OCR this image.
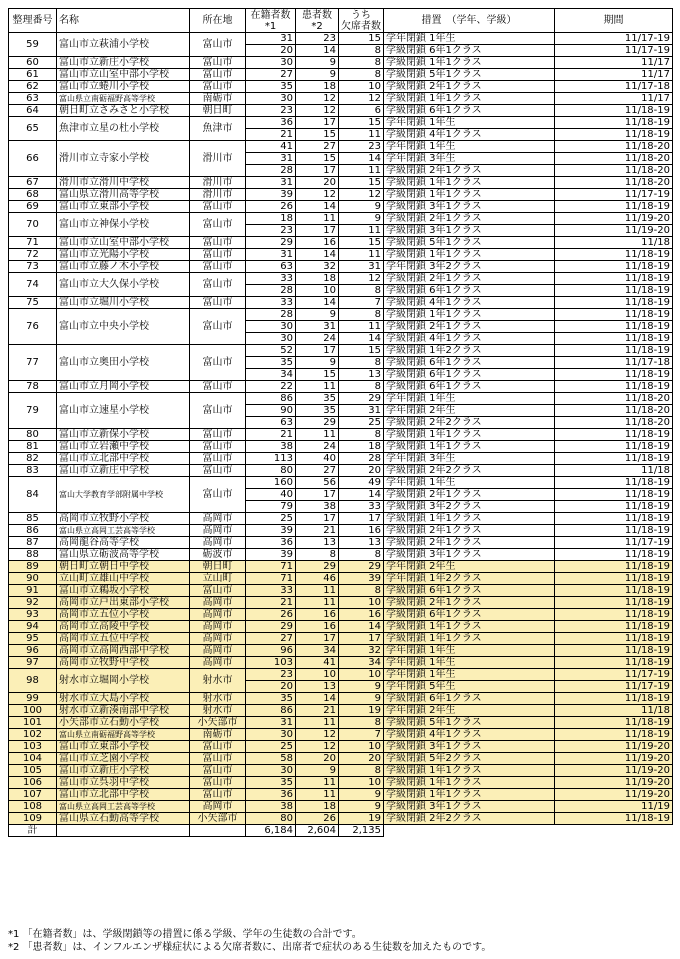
整理番号	名称	所在地	在籍者数
*1	患者数
*2	うち
欠席者数	措置　（学年、学級）	期間
59	富山市立萩浦小学校	富山市	31	23	15	学年閉鎖 1年生	11/17-19
			20	14	8	学級閉鎖 6年1クラス	11/17-19
60	富山市立新庄小学校	富山市	30	9	8	学級閉鎖 1年1クラス	11/17
61	富山市立山室中部小学校	富山市	27	9	8	学級閉鎖 5年1クラス	11/17
62	富山市立蜷川小学校	富山市	35	18	10	学級閉鎖 2年1クラス	11/17-18
63	富山県立南砺福野高等学校	南砺市	30	12	12	学級閉鎖 1年1クラス	11/17
64	朝日町立さみさと小学校	朝日町	23	12	6	学級閉鎖 6年1クラス	11/18-19
65	魚津市立星の杜小学校	魚津市	36	17	15	学年閉鎖 1年生	11/18-19
			21	15	11	学級閉鎖 4年1クラス	11/18-19
66	滑川市立寺家小学校	滑川市	41	27	23	学年閉鎖 1年生	11/18-20
			31	15	14	学年閉鎖 3年生	11/18-20
			28	17	11	学級閉鎖 2年1クラス	11/18-20
67	滑川市立滑川中学校	滑川市	31	20	15	学級閉鎖 1年1クラス	11/18-20
68	富山県立滑川高等学校	滑川市	39	12	12	学級閉鎖 1年1クラス	11/17-19
69	富山市立東部小学校	富山市	26	14	9	学級閉鎖 3年1クラス	11/18-19
70	富山市立神保小学校	富山市	18	11	9	学級閉鎖 2年1クラス	11/19-20
			23	17	11	学級閉鎖 3年1クラス	11/19-20
71	富山市立山室中部小学校	富山市	29	16	15	学級閉鎖 5年1クラス	11/18
72	富山市立光陽小学校	富山市	31	14	11	学級閉鎖 1年1クラス	11/18-19
73	富山市立藤ノ木小学校	富山市	63	32	31	学年閉鎖 3年2クラス	11/18-19
74	富山市立大久保小学校	富山市	33	18	12	学級閉鎖 2年1クラス	11/18-19
			28	10	8	学級閉鎖 6年1クラス	11/18-19
75	富山市立堀川小学校	富山市	33	14	7	学級閉鎖 4年1クラス	11/18-19
76	富山市立中央小学校	富山市	28	9	8	学級閉鎖 1年1クラス	11/18-19
			30	31	11	学級閉鎖 2年1クラス	11/18-19
			30	24	14	学級閉鎖 4年1クラス	11/18-19
77	富山市立奥田小学校	富山市	52	17	15	学級閉鎖 1年2クラス	11/18-19
			35	9	8	学級閉鎖 6年1クラス	11/17-18
			34	15	13	学級閉鎖 6年1クラス	11/18-19
78	富山市立月岡小学校	富山市	22	11	8	学級閉鎖 6年1クラス	11/18-19
79	富山市立速星小学校	富山市	86	35	29	学年閉鎖 1年生	11/18-20
			90	35	31	学年閉鎖 2年生	11/18-20
			63	29	25	学級閉鎖 2年2クラス	11/18-20
80	富山市立新保小学校	富山市	21	11	8	学級閉鎖 1年1クラス	11/18-19
81	富山市立岩瀬中学校	富山市	38	24	18	学級閉鎖 1年1クラス	11/18-19
82	富山市立北部中学校	富山市	113	40	28	学年閉鎖 3年生	11/18-19
83	富山市立新庄中学校	富山市	80	27	20	学級閉鎖 2年2クラス	11/18
84	富山大学教育学部附属中学校	富山市	160	56	49	学年閉鎖 1年生	11/18-19
			40	17	14	学級閉鎖 2年1クラス	11/18-19
			79	38	33	学級閉鎖 3年2クラス	11/18-19
85	高岡市立牧野小学校	高岡市	25	17	17	学級閉鎖 1年1クラス	11/18-19
86	富山県立高岡工芸高等学校	高岡市	39	21	16	学級閉鎖 2年1クラス	11/18-19
87	高岡龍谷高等学校	高岡市	36	13	13	学級閉鎖 2年1クラス	11/17-19
88	富山県立砺波高等学校	砺波市	39	8	8	学級閉鎖 3年1クラス	11/18-19
89	朝日町立朝日中学校	朝日町	71	29	29	学年閉鎖 2年生	11/18-19
90	立山町立雄山中学校	立山町	71	46	39	学年閉鎖 1年2クラス	11/18-19
91	富山市立鵜坂小学校	富山市	33	11	8	学級閉鎖 6年1クラス	11/18-19
92	高岡市立戸出東部小学校	高岡市	21	11	10	学級閉鎖 2年1クラス	11/18-19
93	高岡市立五位小学校	高岡市	26	16	16	学級閉鎖 6年1クラス	11/18-19
94	高岡市立高陵中学校	高岡市	29	16	14	学級閉鎖 1年1クラス	11/18-19
95	高岡市立五位中学校	高岡市	27	17	17	学級閉鎖 1年1クラス	11/18-19
96	高岡市立高岡西部中学校	高岡市	96	34	32	学年閉鎖 1年生	11/18-19
97	高岡市立牧野中学校	高岡市	103	41	34	学年閉鎖 1年生	11/18-19
98	射水市立堀岡小学校	射水市	23	10	10	学年閉鎖 1年生	11/17-19
			20	13	9	学年閉鎖 5年生	11/17-19
99	射水市立大島小学校	射水市	35	14	9	学級閉鎖 6年1クラス	11/18-19
100	射水市立新湊南部中学校	射水市	86	21	19	学年閉鎖 2年生	11/18
101	小矢部市立石動小学校	小矢部市	31	11	8	学級閉鎖 5年1クラス	11/18-19
102	富山県立南砺福野高等学校	南砺市	30	12	7	学級閉鎖 4年1クラス	11/18-19
103	富山市立東部小学校	富山市	25	12	10	学級閉鎖 3年1クラス	11/19-20
104	富山市立芝園小学校	富山市	58	20	20	学級閉鎖 5年2クラス	11/19-20
105	富山市立新庄小学校	富山市	30	9	8	学級閉鎖 1年1クラス	11/19-20
106	富山市立呉羽中学校	富山市	35	11	10	学級閉鎖 1年1クラス	11/19-20
107	富山市立北部中学校	富山市	36	11	9	学級閉鎖 1年1クラス	11/19-20
108	富山県立高岡工芸高等学校	高岡市	38	18	9	学級閉鎖 3年1クラス	11/19
109	富山県立石動高等学校	小矢部市	80	26	19	学級閉鎖 2年2クラス	11/18-19
計			6,184	2,604	2,135		
*1 「在籍者数」は、学級閉鎖等の措置に係る学級、学年の生徒数の合計です。
*2 「患者数」は、インフルエンザ様症状による欠席者数に、出席者で症状のある生徒数を加えたものです。
